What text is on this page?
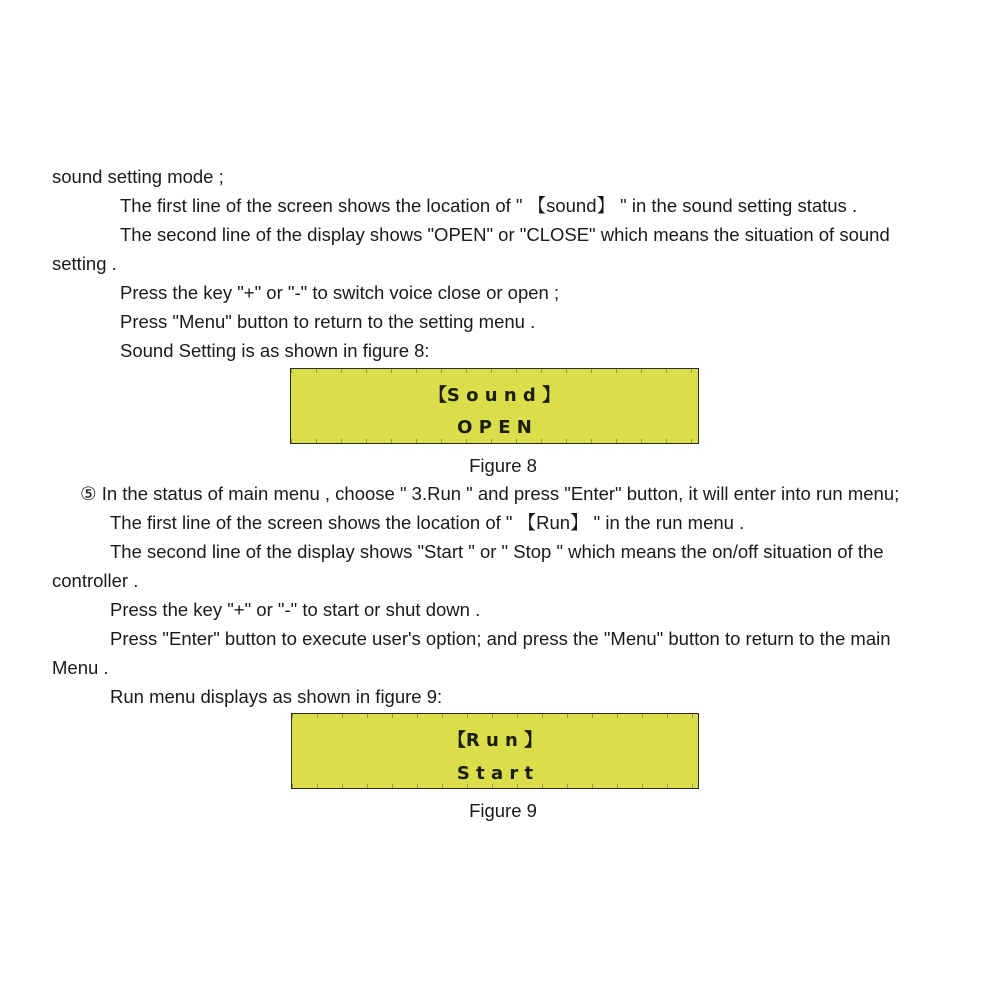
sound setting mode ;
The first line of the screen shows the location of " 【sound】 " in the sound setting status .
The second line of the display shows "OPEN" or "CLOSE" which means the situation of sound
setting .
Press the key "+" or "-" to switch voice close or open ;
Press "Menu" button to return to the setting menu .
Sound Setting is as shown in figure 8:
【S o u n d 】
O P E N
Figure 8
⑤ In the status of main menu , choose " 3.Run " and press "Enter" button, it will enter into run menu;
The first line of the screen shows the location of " 【Run】 " in the run menu .
The second line of the display shows "Start " or " Stop " which means the on/off situation of the
controller .
Press the key "+" or "-" to start or shut down .
Press "Enter" button to execute user's option; and press the "Menu" button to return to the main
Menu .
Run menu displays as shown in figure 9:
【R u n 】
S t a r t
Figure 9
